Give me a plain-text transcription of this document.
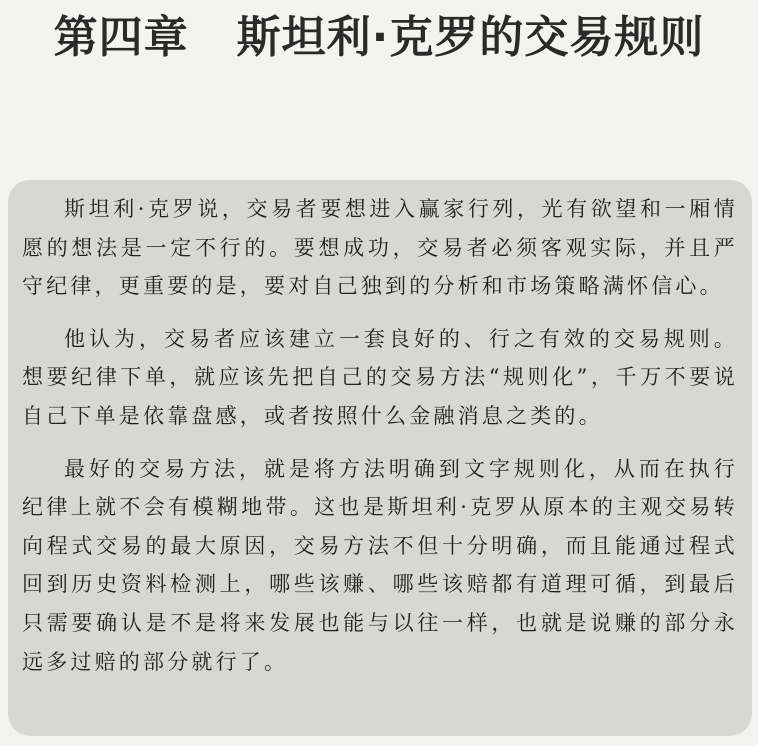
第四章 斯坦利·克罗的交易规则

斯坦利·克罗说，交易者要想进入赢家行列，光有欲望和一厢情愿的想法是一定不行的。要想成功，交易者必须客观实际，并且严守纪律，更重要的是，要对自己独到的分析和市场策略满怀信心。

他认为，交易者应该建立一套良好的、行之有效的交易规则。想要纪律下单，就应该先把自己的交易方法“规则化”，千万不要说自己下单是依靠盘感，或者按照什么金融消息之类的。

最好的交易方法，就是将方法明确到文字规则化，从而在执行纪律上就不会有模糊地带。这也是斯坦利·克罗从原本的主观交易转向程式交易的最大原因，交易方法不但十分明确，而且能通过程式回到历史资料检测上，哪些该赚、哪些该赔都有道理可循，到最后只需要确认是不是将来发展也能与以往一样，也就是说赚的部分永远多过赔的部分就行了。
